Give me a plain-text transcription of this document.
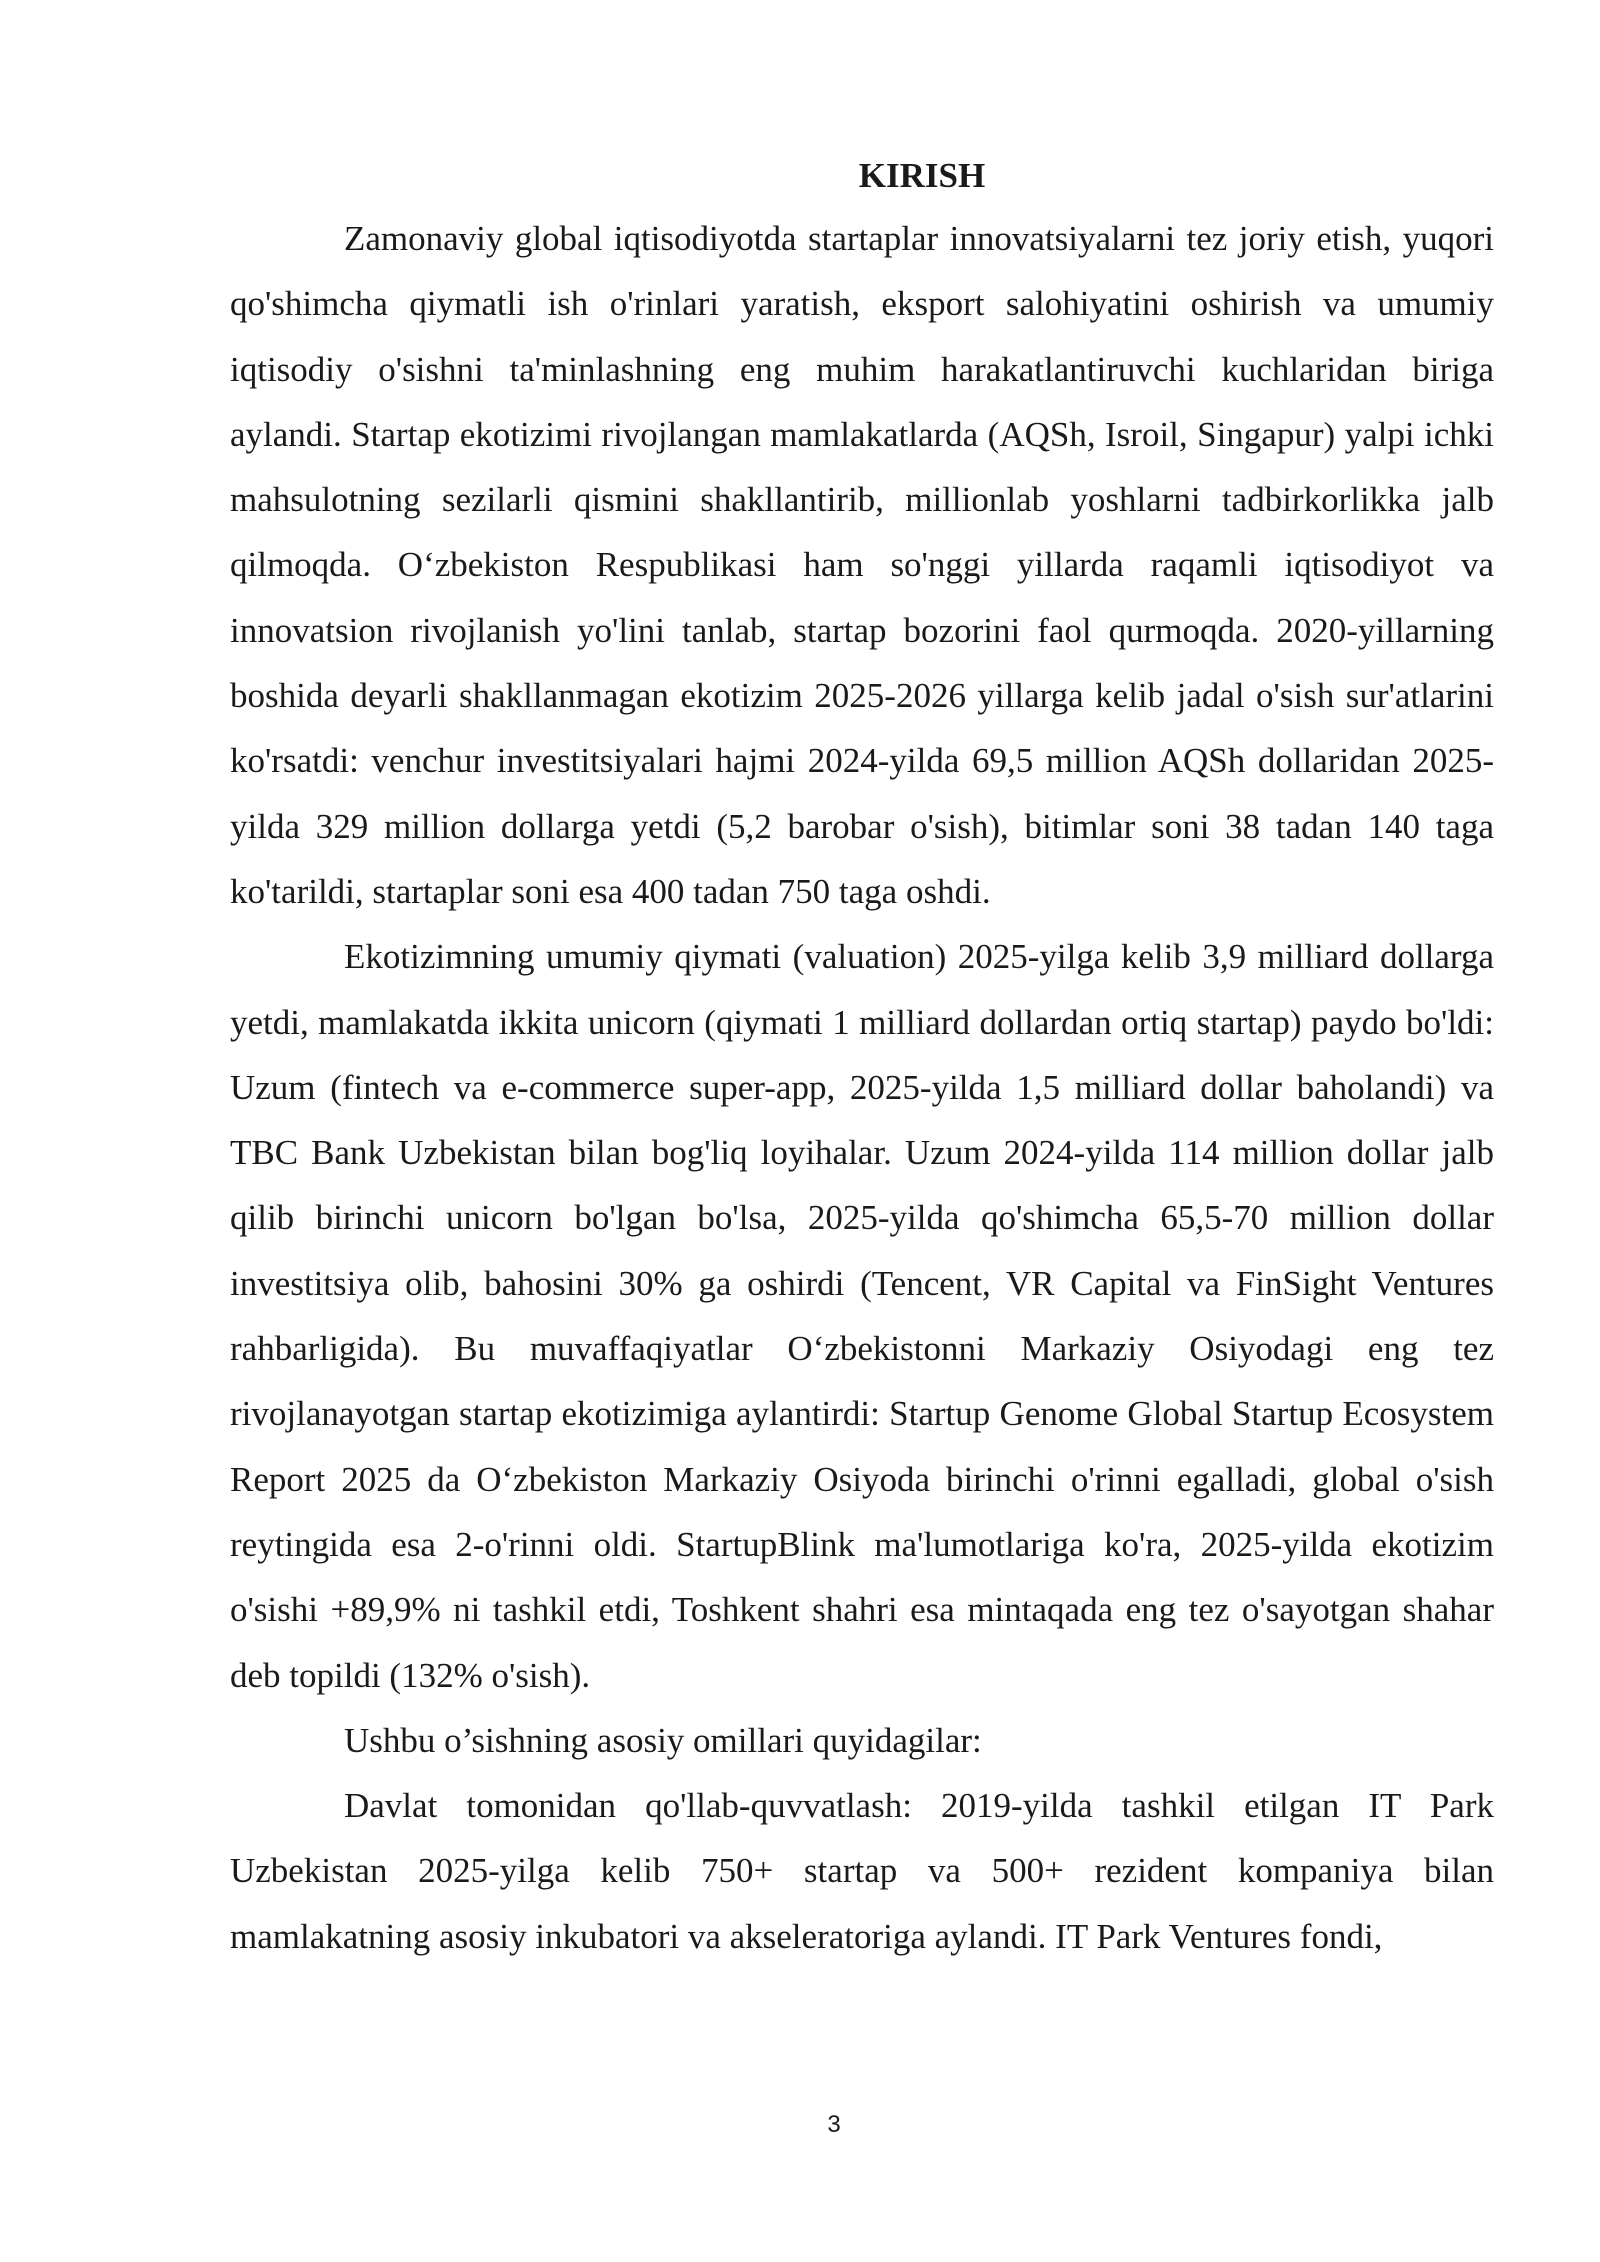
KIRISH

Zamonaviy global iqtisodiyotda startaplar innovatsiyalarni tez joriy etish, yuqori qo'shimcha qiymatli ish o'rinlari yaratish, eksport salohiyatini oshirish va umumiy iqtisodiy o'sishni ta'minlashning eng muhim harakatlantiruvchi kuchlaridan biriga aylandi. Startap ekotizimi rivojlangan mamlakatlarda (AQSh, Isroil, Singapur) yalpi ichki mahsulotning sezilarli qismini shakllantirib, millionlab yoshlarni tadbirkorlikka jalb qilmoqda. O‘zbekiston Respublikasi ham so'nggi yillarda raqamli iqtisodiyot va innovatsion rivojlanish yo'lini tanlab, startap bozorini faol qurmoqda. 2020-yillarning boshida deyarli shakllanmagan ekotizim 2025-2026 yillarga kelib jadal o'sish sur'atlarini ko'rsatdi: venchur investitsiyalari hajmi 2024-yilda 69,5 million AQSh dollaridan 2025-yilda 329 million dollarga yetdi (5,2 barobar o'sish), bitimlar soni 38 tadan 140 taga ko'tarildi, startaplar soni esa 400 tadan 750 taga oshdi.

Ekotizimning umumiy qiymati (valuation) 2025-yilga kelib 3,9 milliard dollarga yetdi, mamlakatda ikkita unicorn (qiymati 1 milliard dollardan ortiq startap) paydo bo'ldi: Uzum (fintech va e-commerce super-app, 2025-yilda 1,5 milliard dollar baholandi) va TBC Bank Uzbekistan bilan bog'liq loyihalar. Uzum 2024-yilda 114 million dollar jalb qilib birinchi unicorn bo'lgan bo'lsa, 2025-yilda qo'shimcha 65,5-70 million dollar investitsiya olib, bahosini 30% ga oshirdi (Tencent, VR Capital va FinSight Ventures rahbarligida). Bu muvaffaqiyatlar O‘zbekistonni Markaziy Osiyodagi eng tez rivojlanayotgan startap ekotizimiga aylantirdi: Startup Genome Global Startup Ecosystem Report 2025 da O‘zbekiston Markaziy Osiyoda birinchi o'rinni egalladi, global o'sish reytingida esa 2-o'rinni oldi. StartupBlink ma'lumotlariga ko'ra, 2025-yilda ekotizim o'sishi +89,9% ni tashkil etdi, Toshkent shahri esa mintaqada eng tez o'sayotgan shahar deb topildi (132% o'sish).

Ushbu o’sishning asosiy omillari quyidagilar:

Davlat tomonidan qo'llab-quvvatlash: 2019-yilda tashkil etilgan IT Park Uzbekistan 2025-yilga kelib 750+ startap va 500+ rezident kompaniya bilan mamlakatning asosiy inkubatori va akseleratoriga aylandi. IT Park Ventures fondi,

3
